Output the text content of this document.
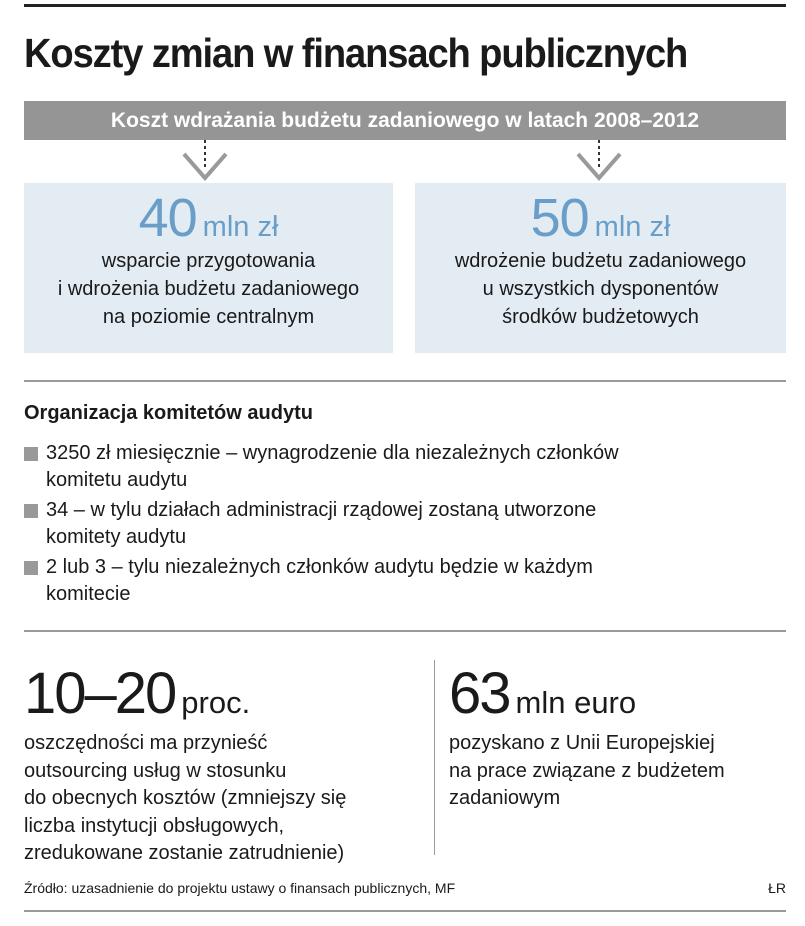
Koszty zmian w finansach publicznych
Koszt wdrażania budżetu zadaniowego w latach 2008–2012
40 mln zł
wsparcie przygotowania
i wdrożenia budżetu zadaniowego
na poziomie centralnym
50 mln zł
wdrożenie budżetu zadaniowego
u wszystkich dysponentów
środków budżetowych
Organizacja komitetów audytu
3250 zł miesięcznie – wynagrodzenie dla niezależnych członków
komitetu audytu
34 – w tylu działach administracji rządowej zostaną utworzone
komitety audytu
2 lub 3 – tylu niezależnych członków audytu będzie w każdym
komitecie
10–20 proc.
oszczędności ma przynieść
outsourcing usług w stosunku
do obecnych kosztów (zmniejszy się
liczba instytucji obsługowych,
zredukowane zostanie zatrudnienie)
63 mln euro
pozyskano z Unii Europejskiej
na prace związane z budżetem
zadaniowym
Źródło: uzasadnienie do projektu ustawy o finansach publicznych, MF	ŁR
